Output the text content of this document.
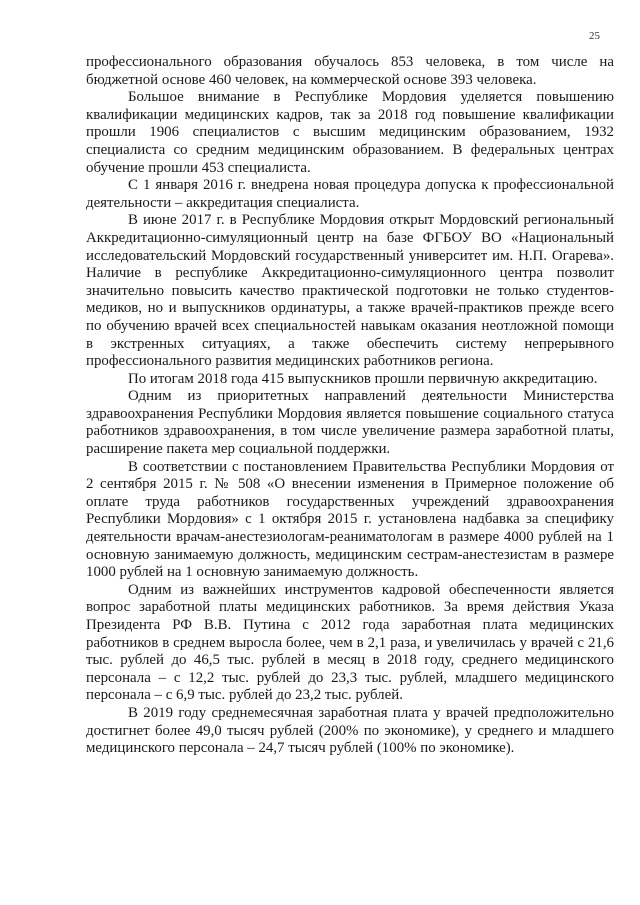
25

профессионального образования обучалось 853 человека, в том числе на бюджетной основе 460 человек, на коммерческой основе 393 человека.

Большое внимание в Республике Мордовия уделяется повышению квалификации медицинских кадров, так за 2018 год повышение квалификации прошли 1906 специалистов с высшим медицинским образованием, 1932 специалиста со средним медицинским образованием. В федеральных центрах обучение прошли 453 специалиста.

С 1 января 2016 г. внедрена новая процедура допуска к профессиональной деятельности – аккредитация специалиста.

В июне 2017 г. в Республике Мордовия открыт Мордовский региональный Аккредитационно-симуляционный центр на базе ФГБОУ ВО «Национальный исследовательский Мордовский государственный университет им. Н.П. Огарева». Наличие в республике Аккредитационно-симуляционного центра позволит значительно повысить качество практической подготовки не только студентов-медиков, но и выпускников ординатуры, а также врачей-практиков прежде всего по обучению врачей всех специальностей навыкам оказания неотложной помощи в экстренных ситуациях, а также обеспечить систему непрерывного профессионального развития медицинских работников региона.

По итогам 2018 года 415 выпускников прошли первичную аккредитацию.

Одним из приоритетных направлений деятельности Министерства здравоохранения Республики Мордовия является повышение социального статуса работников здравоохранения, в том числе увеличение размера заработной платы, расширение пакета мер социальной поддержки.

В соответствии с постановлением Правительства Республики Мордовия от 2 сентября 2015 г. № 508 «О внесении изменения в Примерное положение об оплате труда работников государственных учреждений здравоохранения Республики Мордовия» с 1 октября 2015 г. установлена надбавка за специфику деятельности врачам-анестезиологам-реаниматологам в размере 4000 рублей на 1 основную занимаемую должность, медицинским сестрам-анестезистам в размере 1000 рублей на 1 основную занимаемую должность.

Одним из важнейших инструментов кадровой обеспеченности является вопрос заработной платы медицинских работников. За время действия Указа Президента РФ В.В. Путина с 2012 года заработная плата медицинских работников в среднем выросла более, чем в 2,1 раза, и увеличилась у врачей с 21,6 тыс. рублей до 46,5 тыс. рублей в месяц в 2018 году, среднего медицинского персонала – с 12,2 тыс. рублей до 23,3 тыс. рублей, младшего медицинского персонала – с 6,9 тыс. рублей до 23,2 тыс. рублей.

В 2019 году среднемесячная заработная плата у врачей предположительно достигнет более 49,0 тысяч рублей (200% по экономике), у среднего и младшего медицинского персонала – 24,7 тысяч рублей (100% по экономике).
